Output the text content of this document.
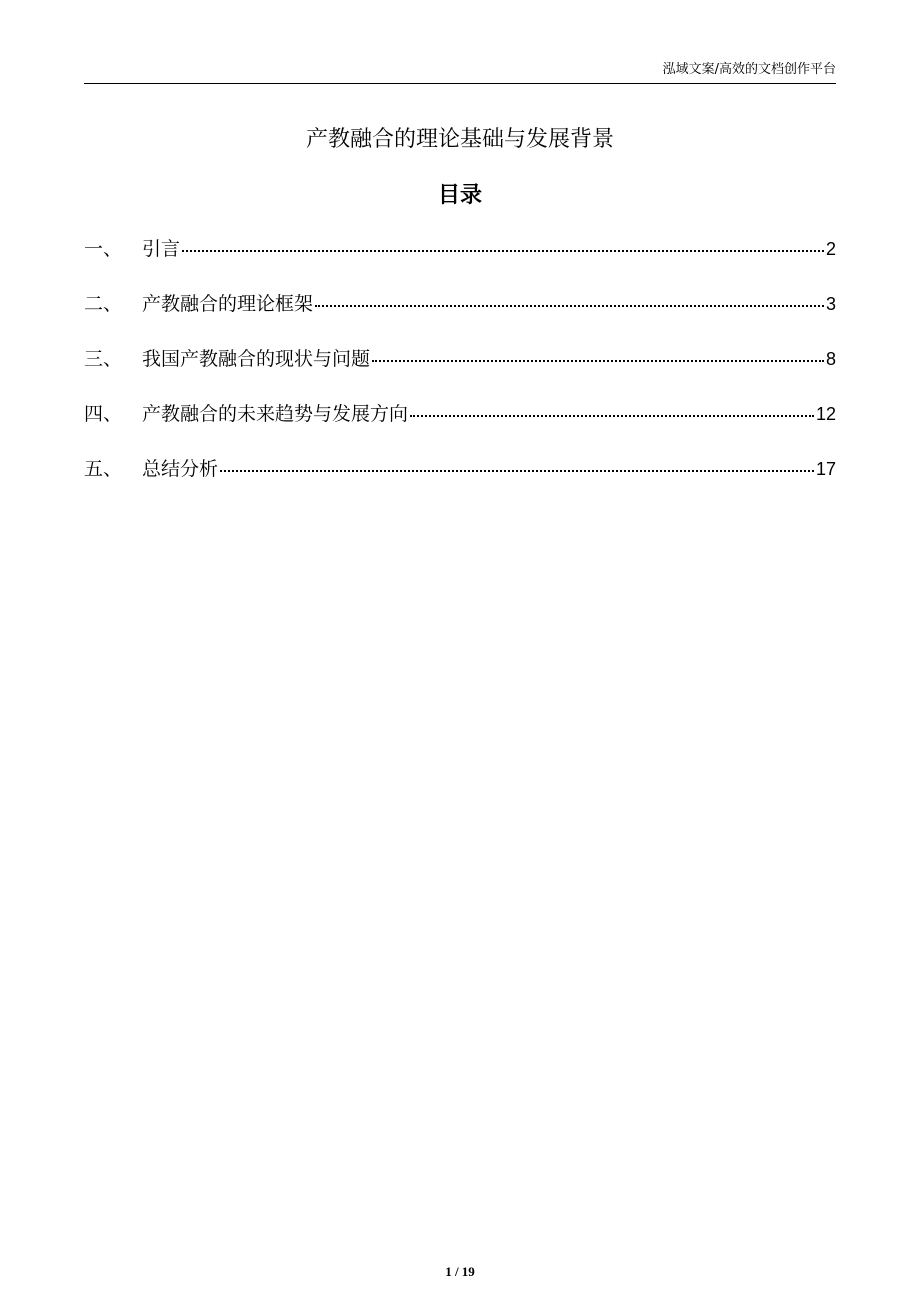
泓域文案/高效的文档创作平台
产教融合的理论基础与发展背景
目录
一、	引言	2
二、	产教融合的理论框架	3
三、	我国产教融合的现状与问题	8
四、	产教融合的未来趋势与发展方向	12
五、	总结分析	17
1 / 19
